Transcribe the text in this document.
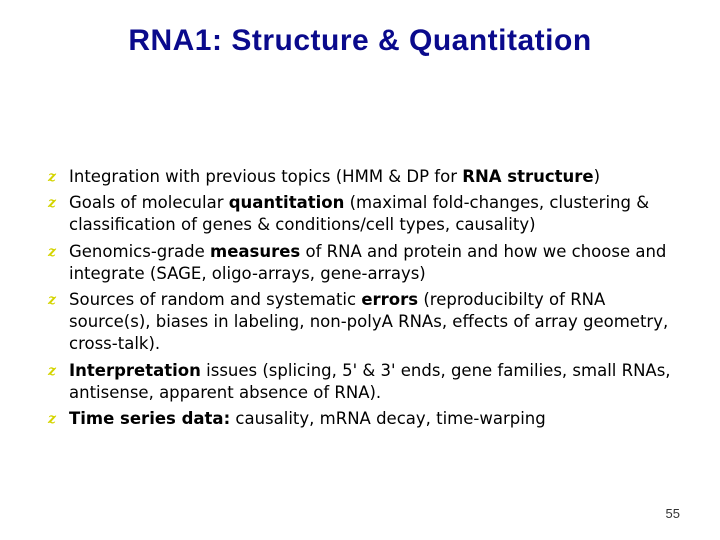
RNA1: Structure & Quantitation
z Integration with previous topics (HMM & DP for RNA structure)
z Goals of molecular quantitation (maximal fold-changes, clustering & classification of genes & conditions/cell types, causality)
z Genomics-grade measures of RNA and protein and how we choose and integrate (SAGE, oligo-arrays, gene-arrays)
z Sources of random and systematic errors (reproducibilty of RNA source(s), biases in labeling, non-polyA RNAs, effects of array geometry, cross-talk).
z Interpretation issues (splicing, 5' & 3' ends, gene families, small RNAs, antisense, apparent absence of RNA).
z Time series data: causality, mRNA decay, time-warping
55
